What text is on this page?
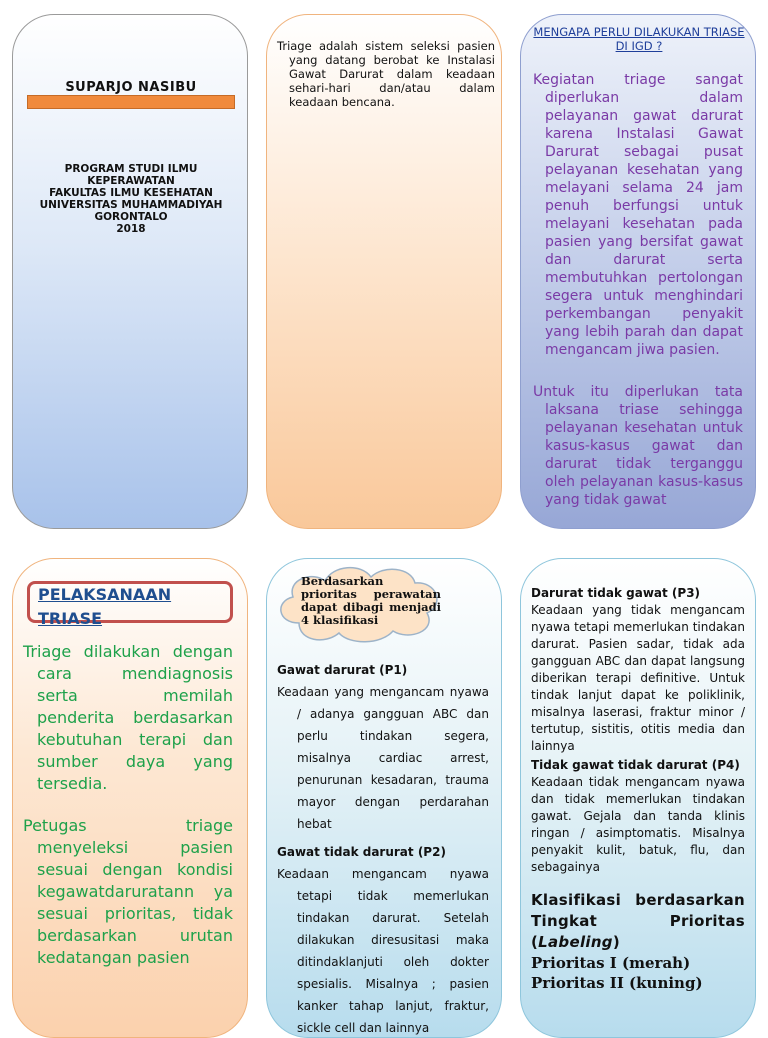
SUPARJO NASIBU
PROGRAM STUDI ILMU
KEPERAWATAN
FAKULTAS ILMU KESEHATAN
UNIVERSITAS MUHAMMADIYAH
GORONTALO
2018
Triage adalah sistem seleksi pasien yang datang berobat ke Instalasi Gawat Darurat dalam keadaan sehari-hari dan/atau dalam keadaan bencana.
MENGAPA PERLU DILAKUKAN TRIASE DI IGD ?

Kegiatan triage sangat diperlukan dalam pelayanan gawat darurat karena Instalasi Gawat Darurat sebagai pusat pelayanan kesehatan yang melayani selama 24 jam penuh berfungsi untuk melayani kesehatan pada pasien yang bersifat gawat dan darurat serta membutuhkan pertolongan segera untuk menghindari perkembangan penyakit yang lebih parah dan dapat mengancam jiwa pasien.

Untuk itu diperlukan tata laksana triase sehingga pelayanan kesehatan untuk kasus-kasus gawat dan darurat tidak terganggu oleh pelayanan kasus-kasus yang tidak gawat

PELAKSANAAN TRIASE

Triage dilakukan dengan cara mendiagnosis serta memilah penderita berdasarkan kebutuhan terapi dan sumber daya yang tersedia.

Petugas triage menyeleksi pasien sesuai dengan kondisi kegawatdaruratann ya sesuai prioritas, tidak berdasarkan urutan kedatangan pasien

Berdasarkan prioritas perawatan dapat dibagi menjadi 4 klasifikasi

Gawat darurat (P1)

Keadaan yang mengancam nyawa / adanya gangguan ABC dan perlu tindakan segera, misalnya cardiac arrest, penurunan kesadaran, trauma mayor dengan perdarahan hebat

Gawat tidak darurat (P2)

Keadaan mengancam nyawa tetapi tidak memerlukan tindakan darurat. Setelah dilakukan diresusitasi maka ditindaklanjuti oleh dokter spesialis. Misalnya ; pasien kanker tahap lanjut, fraktur, sickle cell dan lainnya

Darurat tidak gawat (P3)

Keadaan yang tidak mengancam nyawa tetapi memerlukan tindakan darurat. Pasien sadar, tidak ada gangguan ABC dan dapat langsung diberikan terapi definitive. Untuk tindak lanjut dapat ke poliklinik, misalnya laserasi, fraktur minor / tertutup, sistitis, otitis media dan lainnya

Tidak gawat tidak darurat (P4)

Keadaan tidak mengancam nyawa dan tidak memerlukan tindakan gawat. Gejala dan tanda klinis ringan / asimptomatis. Misalnya penyakit kulit, batuk, flu, dan sebagainya

Klasifikasi berdasarkan Tingkat Prioritas (Labeling)

Prioritas I (merah)

Prioritas II (kuning)
